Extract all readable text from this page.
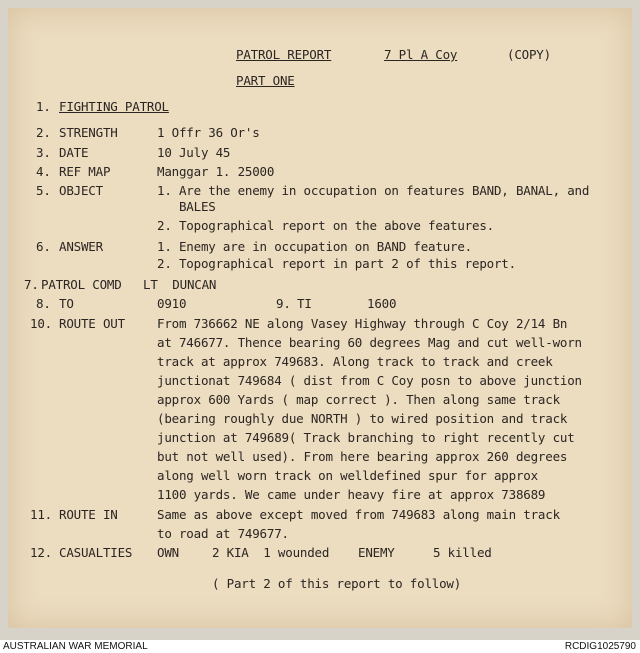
PATROL REPORT	7 Pl A Coy	(COPY)
PART ONE
1. FIGHTING PATROL
2. STRENGTH	1 Offr 36 Or's
3. DATE	10 July 45
4. REF MAP	Manggar 1. 25000
5. OBJECT	1. Are the enemy in occupation on features BAND, BANAL, and
BALES
2. Topographical report on the above features.
6. ANSWER	1. Enemy are in occupation on BAND feature.
2. Topographical report in part 2 of this report.
7. PATROL COMD LT  DUNCAN
8. TO	0910	9. TI	1600
10. ROUTE OUT	From 736662 NE along Vasey Highway through C Coy 2/14 Bn
at 746677. Thence bearing 60 degrees Mag and cut well-worn
track at approx 749683. Along track to track and creek
junctionat 749684 ( dist from C Coy posn to above junction
approx 600 Yards ( map correct ). Then along same track
(bearing roughly due NORTH ) to wired position and track
junction at 749689( Track branching to right recently cut
but not well used). From here bearing approx 260 degrees
along well worn track on welldefined spur for approx
1100 yards. We came under heavy fire at approx 738689
11. ROUTE IN	Same as above except moved from 749683 along main track
to road at 749677.
12. CASUALTIES OWN	2 KIA  1 wounded ENEMY	5 killed
( Part 2 of this report to follow)
AUSTRALIAN WAR MEMORIAL	RCDIG1025790
